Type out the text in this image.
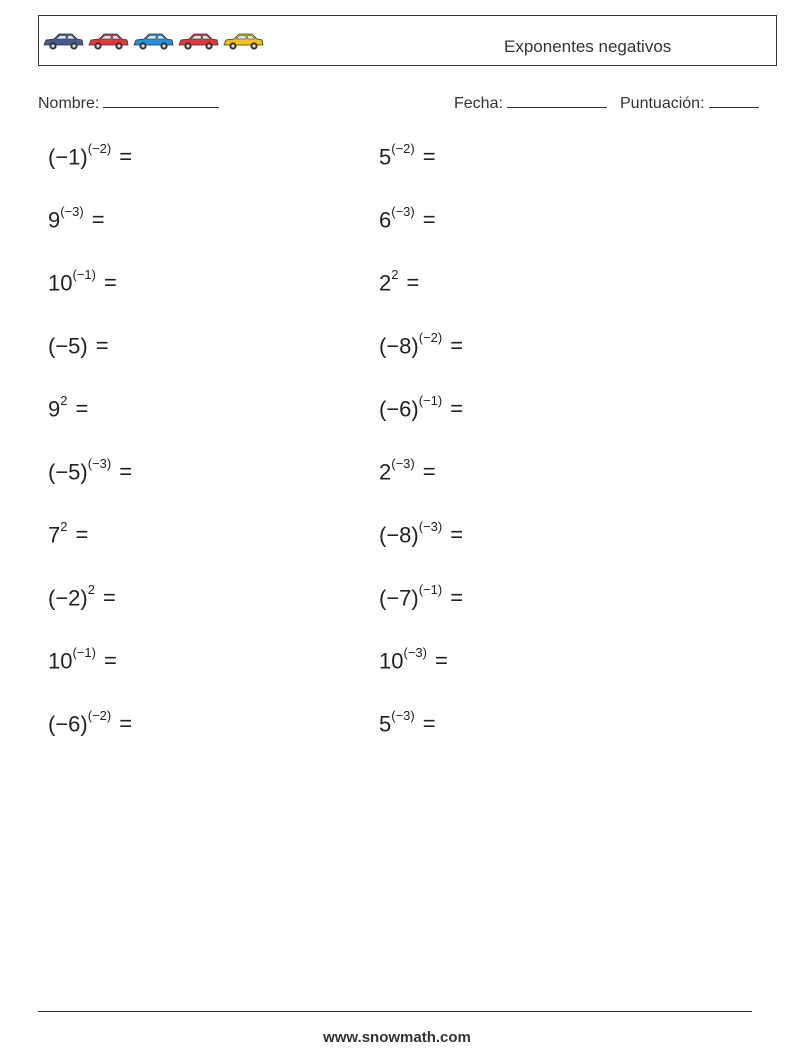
Exponentes negativos
Nombre:	Fecha:	Puntuación:
$(-1)^{(-2)}$ =
$9^{(-3)}$ =
$10^{(-1)}$ =
(−5) =
$9^2$ =
$(-5)^{(-3)}$ =
$7^2$ =
$(-2)^2$ =
$10^{(-1)}$ =
$(-6)^{(-2)}$ =
$5^{(-2)}$ =
$6^{(-3)}$ =
$2^2$ =
$(-8)^{(-2)}$ =
$(-6)^{(-1)}$ =
$2^{(-3)}$ =
$(-8)^{(-3)}$ =
$(-7)^{(-1)}$ =
$10^{(-3)}$ =
$5^{(-3)}$ =
www.snowmath.com
